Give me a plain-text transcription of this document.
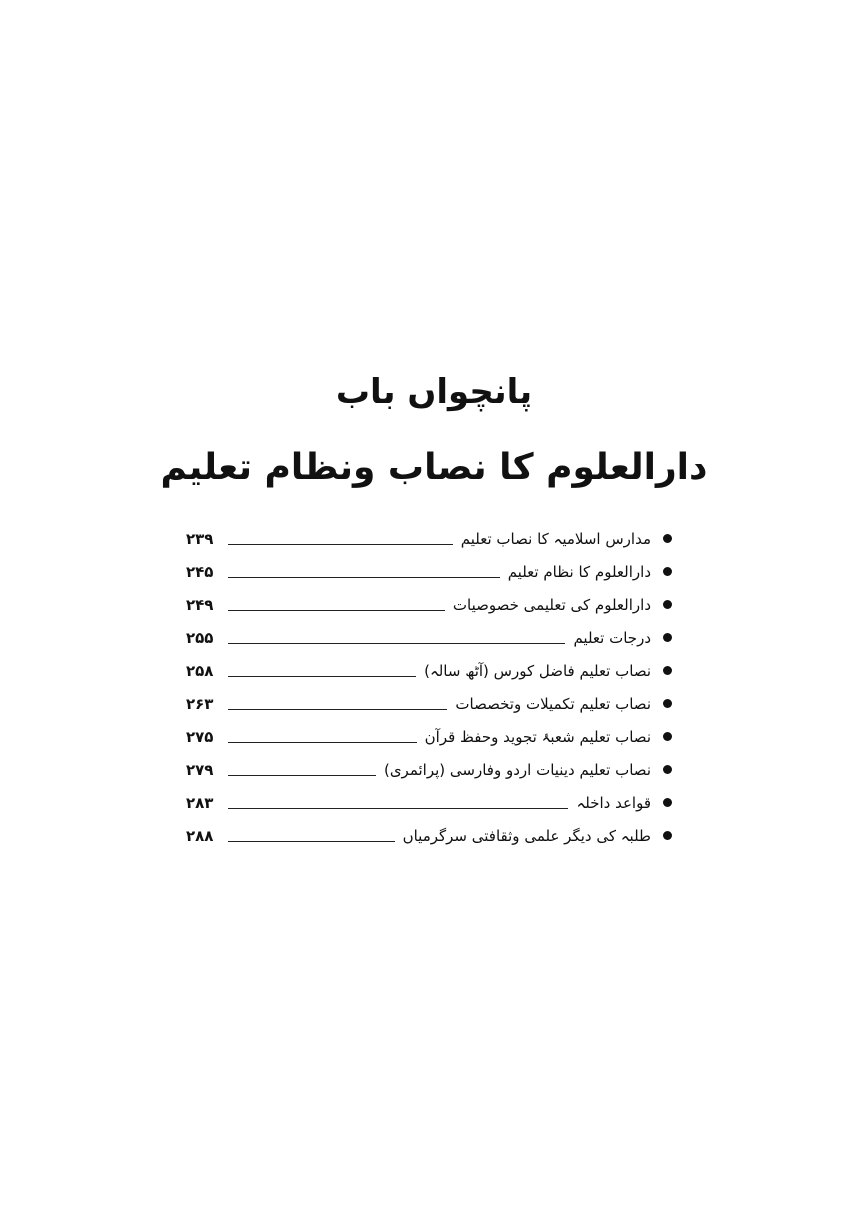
پانچواں باب
دارالعلوم کا نصاب ونظام تعلیم
۲۳۹	مدارس اسلامیہ کا نصاب تعلیم
۲۴۵	دارالعلوم کا نظام تعلیم
۲۴۹	دارالعلوم کی تعلیمی خصوصیات
۲۵۵	درجات تعلیم
۲۵۸	نصاب تعلیم فاضل کورس (آٹھ سالہ)
۲۶۳	نصاب تعلیم تکمیلات وتخصصات
۲۷۵	نصاب تعلیم شعبۂ تجوید وحفظ قرآن
۲۷۹	نصاب تعلیم دینیات اردو وفارسی (پرائمری)
۲۸۳	قواعد داخلہ
۲۸۸	طلبہ کی دیگر علمی وثقافتی سرگرمیاں
